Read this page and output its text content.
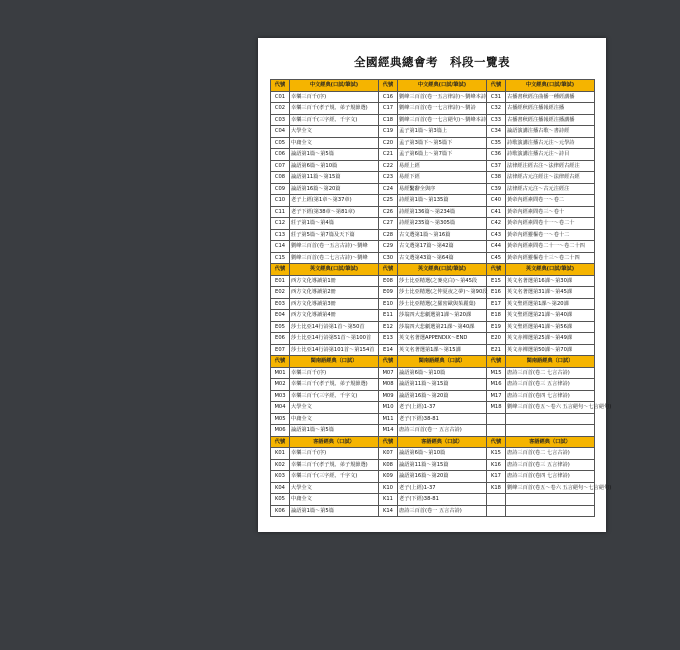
全國經典總會考　科段一覽表
代號	中文經典(口試/筆試)	代號	中文經典(口試/筆試)	代號	中文經典(口試/筆試)
C01	幸樂三百千(序)	C16	劉峰三百首(卷一五言律詩)～劉峰本詩	C31	古播書秋經注曲播一種經講播
C02	幸樂三百千(孝子規、弟子規節選)	C17	劉峰三百首(卷一七言律詩)～劉詩	C32	古播經秋經注播報經注播
C03	幸樂三百千(三字經、千字文)	C18	劉峰三百首(卷一七言絕句)～劉峰本詩	C33	古播書秋經注播報經注播講播
C04	大學全文	C19	孟子第1篇～第3篇上	C34	論語演講注播古歌～書詩經
C05	中庸全文	C20	孟子第3篇下～第5篇下	C35	詩歌演講注播古元注～元學詩
C06	論語第1篇～第5篇	C21	孟子第6篇上～第7篇下	C36	詩歌演講注播古元注～詩目
C07	論語第6篇～第10篇	C22	易經上經	C37	法律經注經古注～法律經古經注
C08	論語第11篇～第15篇	C23	易經下經	C38	法律經古元注經注～法律經古經
C09	論語第16篇～第20篇	C24	易經繫辭全與序	C39	法律經古元注～古元注經注
C10	老子上經(第1章～第37章)	C25	詩經第1篇～第135篇	C40	黃帝內經素問卷一～卷二
C11	老子下經(第38章～第81章)	C26	詩經第136篇～第234篇	C41	黃帝內經素問卷三～卷十
C12	莊子第1篇～第4篇	C27	詩經第235篇～第305篇	C42	黃帝內經素問卷十一～卷二十
C13	莊子第5篇～第7篇及天下篇	C28	古文選第1篇～第16篇	C43	黃帝內經靈樞卷一～卷十二
C14	劉峰三百首(卷一五言古詩)～劉峰	C29	古文選第17篇～第42篇	C44	黃帝內經素問卷二十一～卷二十四
C15	劉峰三百首(卷二七言古詩)～劉峰	C30	古文選第43篇～第64篇	C45	黃帝內經靈樞卷十三～卷二十四
代號	英文經典(口試/筆試)	代號	英文經典(口試/筆試)	代號	英文經典(口試/筆試)
E01	西方文化導讀第1冊	E08	莎士比亞精選(之麥克白)～第45段	E15	英文名著選第16課～第30課
E02	西方文化導讀第2冊	E09	莎士比亞精選(之仲夏夜之夢)～第90段	E16	英文名著選第31課～第45課
E03	西方文化導讀第3冊	E10	莎士比亞精選(之羅密歐與茱麗葉)	E17	英文聖經選第1課～第20課
E04	西方文化導讀第4冊	E11	莎翁四大悲劇選第1課～第20課	E18	英文聖經選第21課～第40課
E05	莎士比亞14行詩第1首～第50首	E12	莎翁四大悲劇選第21課～第40課	E19	英文聖經選第41課～第56課
E06	莎士比亞14行詩第51首～第100首	E13	英文名著選APPENDIX～END	E20	英文赤裸選第25課～第49課
E07	莎士比亞14行詩第101首～第154首	E14	英文名著選第1課～第15課	E21	英文赤裸選第50課～第70課
代號	閩南語經典（口試）	代號	閩南語經典（口試）	代號	閩南語經典（口試）
M01	幸樂三百千(序)	M07	論語第6篇～第10篇	M15	唐詩三百首(卷二 七言古詩)
M02	幸樂三百千(孝子規、弟子規節選)	M08	論語第11篇～第15篇	M16	唐詩三百首(卷三 五言律詩)
M03	幸樂三百千(三字經、千字文)	M09	論語第16篇～第20篇	M17	唐詩三百首(卷四 七言律詩)
M04	大學全文	M10	老子(上經)1-37	M18	劉峰三百首(卷五～卷六 五言絕句～七言絕句)
M05	中庸全文	M11	老子(下經)38-81		
M06	論語第1篇～第5篇	M14	唐詩三百首(卷一 五言古詩)		
代號	客語經典（口試）	代號	客語經典（口試）	代號	客語經典（口試）
K01	幸樂三百千(序)	K07	論語第6篇～第10篇	K15	唐詩三百首(卷二 七言古詩)
K02	幸樂三百千(孝子規、弟子規節選)	K08	論語第11篇～第15篇	K16	唐詩三百首(卷三 五言律詩)
K03	幸樂三百千(三字經、千字文)	K09	論語第16篇～第20篇	K17	唐詩三百首(卷四 七言律詩)
K04	大學全文	K10	老子(上經)1-37	K18	劉峰三百首(卷五～卷六 五言絕句～七言絕句)
K05	中庸全文	K11	老子(下經)38-81		
K06	論語第1篇～第5篇	K14	唐詩三百首(卷一 五言古詩)		
